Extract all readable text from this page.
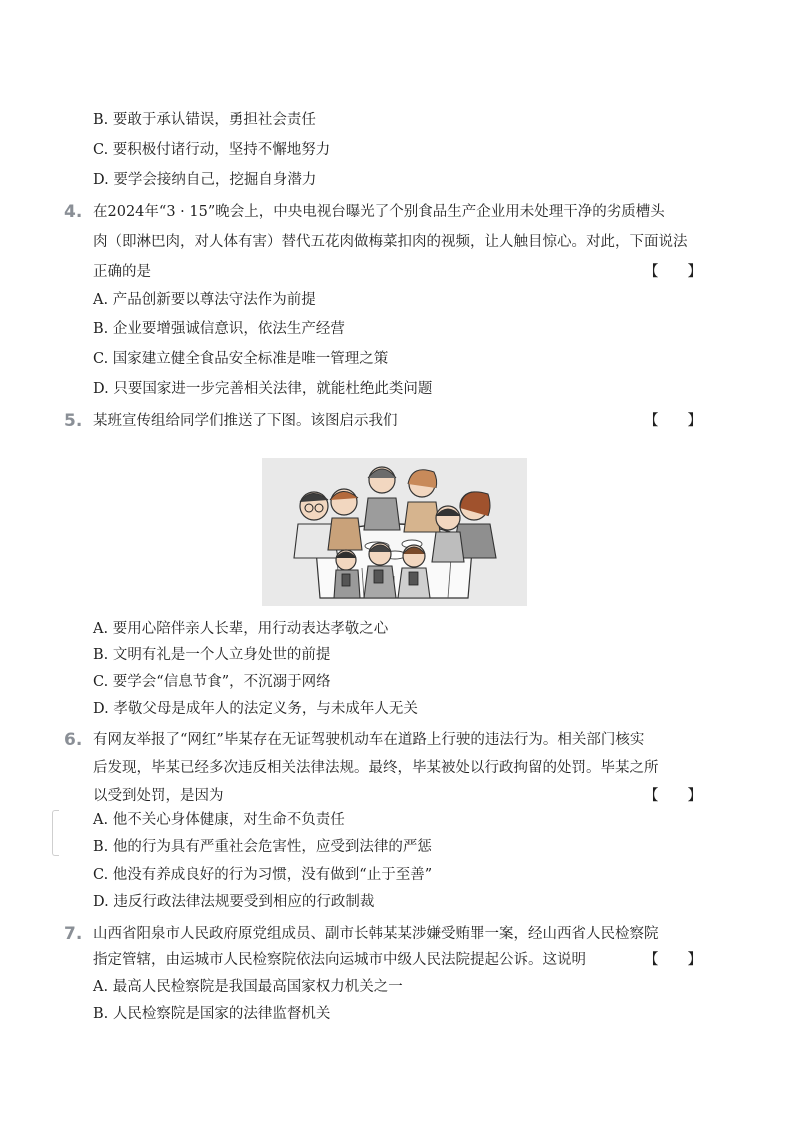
B. 要敢于承认错误，勇担社会责任
C. 要积极付诸行动，坚持不懈地努力
D. 要学会接纳自己，挖掘自身潜力
4. 在2024年“3 · 15”晚会上，中央电视台曝光了个别食品生产企业用未处理干净的劣质槽头
肉（即淋巴肉，对人体有害）替代五花肉做梅菜扣肉的视频，让人触目惊心。对此，下面说法
正确的是	【　　】
A. 产品创新要以尊法守法作为前提
B. 企业要增强诚信意识，依法生产经营
C. 国家建立健全食品安全标准是唯一管理之策
D. 只要国家进一步完善相关法律，就能杜绝此类问题
5. 某班宣传组给同学们推送了下图。该图启示我们	【　　】
A. 要用心陪伴亲人长辈，用行动表达孝敬之心
B. 文明有礼是一个人立身处世的前提
C. 要学会“信息节食”，不沉溺于网络
D. 孝敬父母是成年人的法定义务，与未成年人无关
6. 有网友举报了“网红”毕某存在无证驾驶机动车在道路上行驶的违法行为。相关部门核实
后发现，毕某已经多次违反相关法律法规。最终，毕某被处以行政拘留的处罚。毕某之所
以受到处罚，是因为	【　　】
A. 他不关心身体健康，对生命不负责任
B. 他的行为具有严重社会危害性，应受到法律的严惩
C. 他没有养成良好的行为习惯，没有做到“止于至善”
D. 违反行政法律法规要受到相应的行政制裁
7. 山西省阳泉市人民政府原党组成员、副市长韩某某涉嫌受贿罪一案，经山西省人民检察院
指定管辖，由运城市人民检察院依法向运城市中级人民法院提起公诉。这说明	【　　】
A. 最高人民检察院是我国最高国家权力机关之一
B. 人民检察院是国家的法律监督机关
